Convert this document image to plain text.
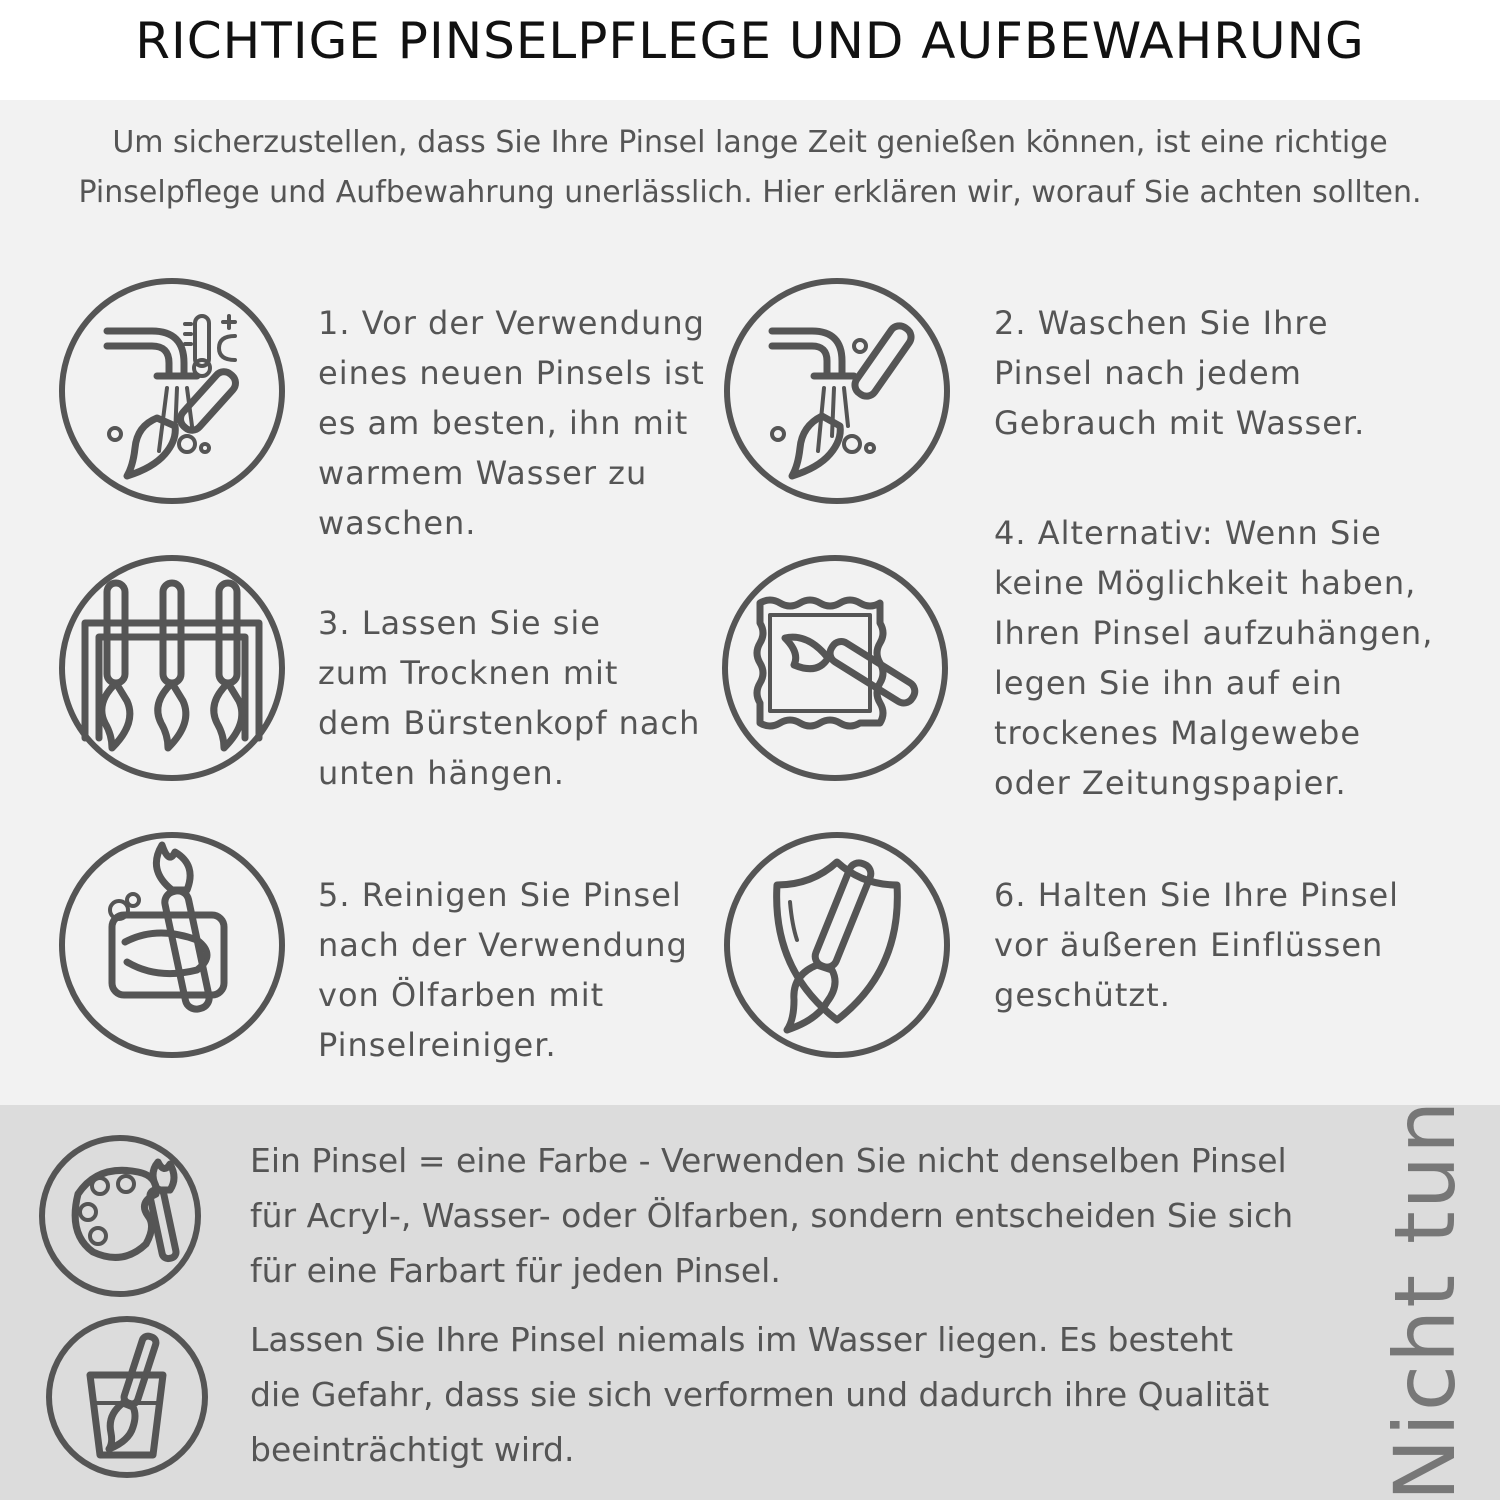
RICHTIGE PINSELPFLEGE UND AUFBEWAHRUNG
Um sicherzustellen, dass Sie Ihre Pinsel lange Zeit genießen können, ist eine richtige
Pinselpflege und Aufbewahrung unerlässlich. Hier erklären wir, worauf Sie achten sollten.
1. Vor der Verwendung
eines neuen Pinsels ist
es am besten, ihn mit
warmem Wasser zu
waschen.
2. Waschen Sie Ihre
Pinsel nach jedem
Gebrauch mit Wasser.
3. Lassen Sie sie
zum Trocknen mit
dem Bürstenkopf nach
unten hängen.
4. Alternativ: Wenn Sie
keine Möglichkeit haben,
Ihren Pinsel aufzuhängen,
legen Sie ihn auf ein
trockenes Malgewebe
oder Zeitungspapier.
5. Reinigen Sie Pinsel
nach der Verwendung
von Ölfarben mit
Pinselreiniger.
6. Halten Sie Ihre Pinsel
vor äußeren Einflüssen
geschützt.
Ein Pinsel = eine Farbe - Verwenden Sie nicht denselben Pinsel
für Acryl-, Wasser- oder Ölfarben, sondern entscheiden Sie sich
für eine Farbart für jeden Pinsel.
Lassen Sie Ihre Pinsel niemals im Wasser liegen. Es besteht
die Gefahr, dass sie sich verformen und dadurch ihre Qualität
beeinträchtigt wird.	Nicht tun
